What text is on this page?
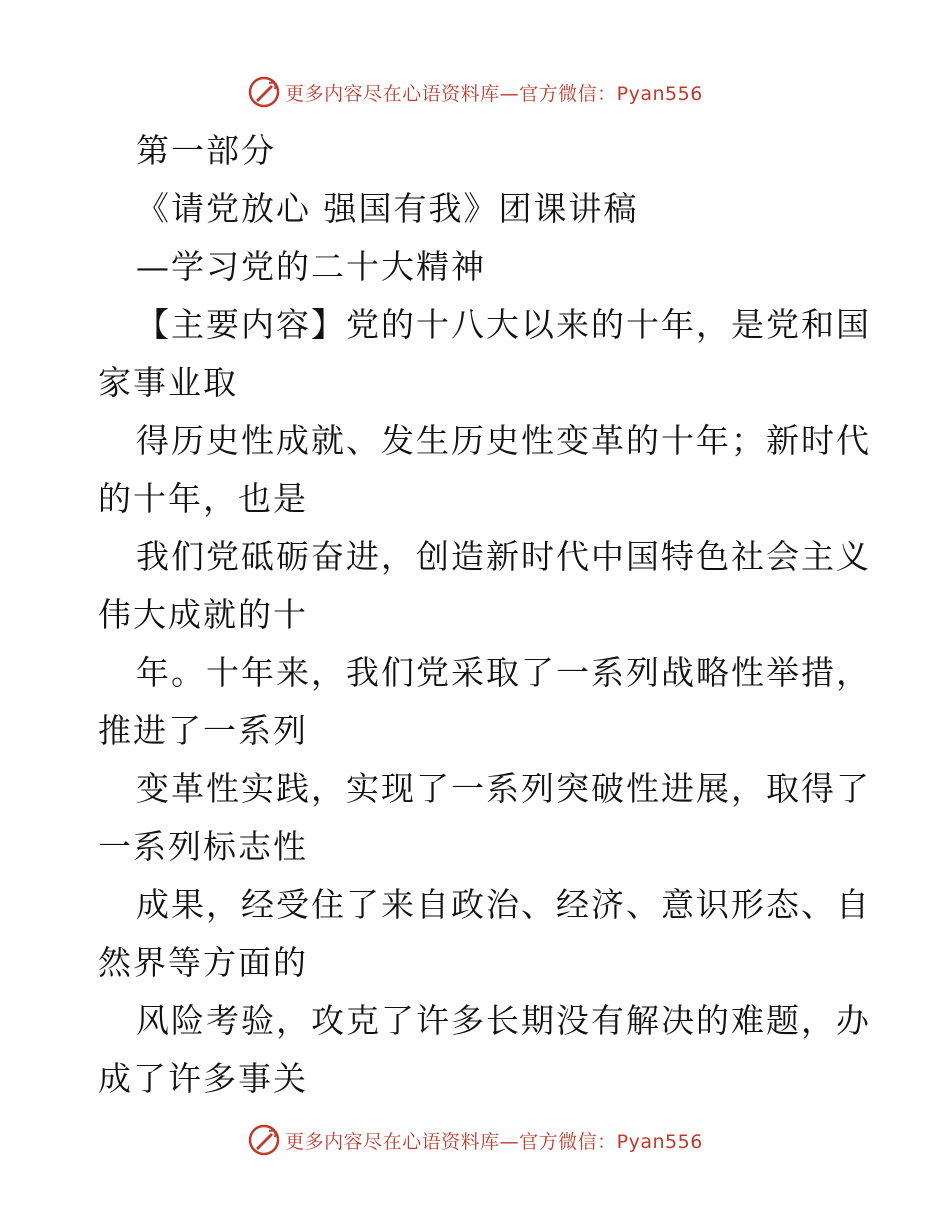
更多内容尽在心语资料库—官方微信：Pyan556
第一部分
《请党放心 强国有我》团课讲稿
—学习党的二十大精神
【主要内容】党的十八大以来的十年，是党和国
家事业取
得历史性成就、发生历史性变革的十年；新时代
的十年，也是
我们党砥砺奋进，创造新时代中国特色社会主义
伟大成就的十
年。十年来，我们党采取了一系列战略性举措，
推进了一系列
变革性实践，实现了一系列突破性进展，取得了
一系列标志性
成果，经受住了来自政治、经济、意识形态、自
然界等方面的
风险考验，攻克了许多长期没有解决的难题，办
成了许多事关
更多内容尽在心语资料库—官方微信：Pyan556
